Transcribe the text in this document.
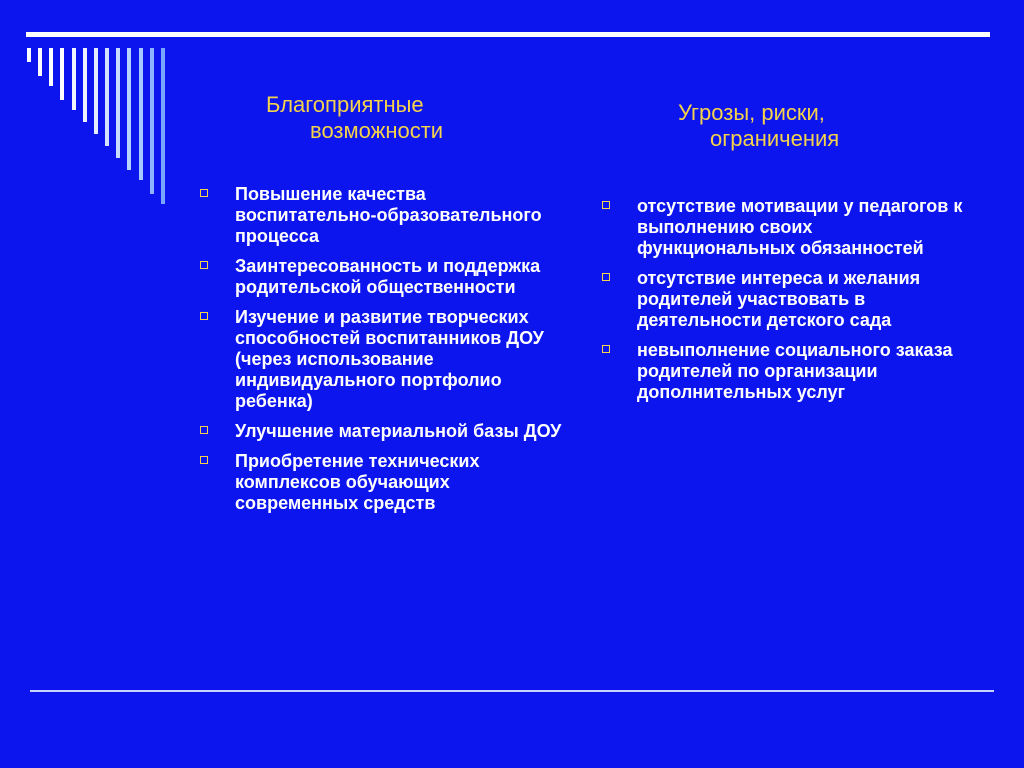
Благоприятные
возможности
Угрозы, риски,
ограничения
Повышение качества воспитательно-образовательного процесса
Заинтересованность и поддержка родительской общественности
Изучение и развитие творческих способностей воспитанников ДОУ (через использование индивидуального портфолио ребенка)
Улучшение материальной базы ДОУ
Приобретение технических комплексов обучающих современных средств
отсутствие мотивации у педагогов к выполнению своих функциональных обязанностей
отсутствие интереса и желания родителей участвовать в деятельности детского сада
невыполнение социального заказа родителей по организации дополнительных услуг
